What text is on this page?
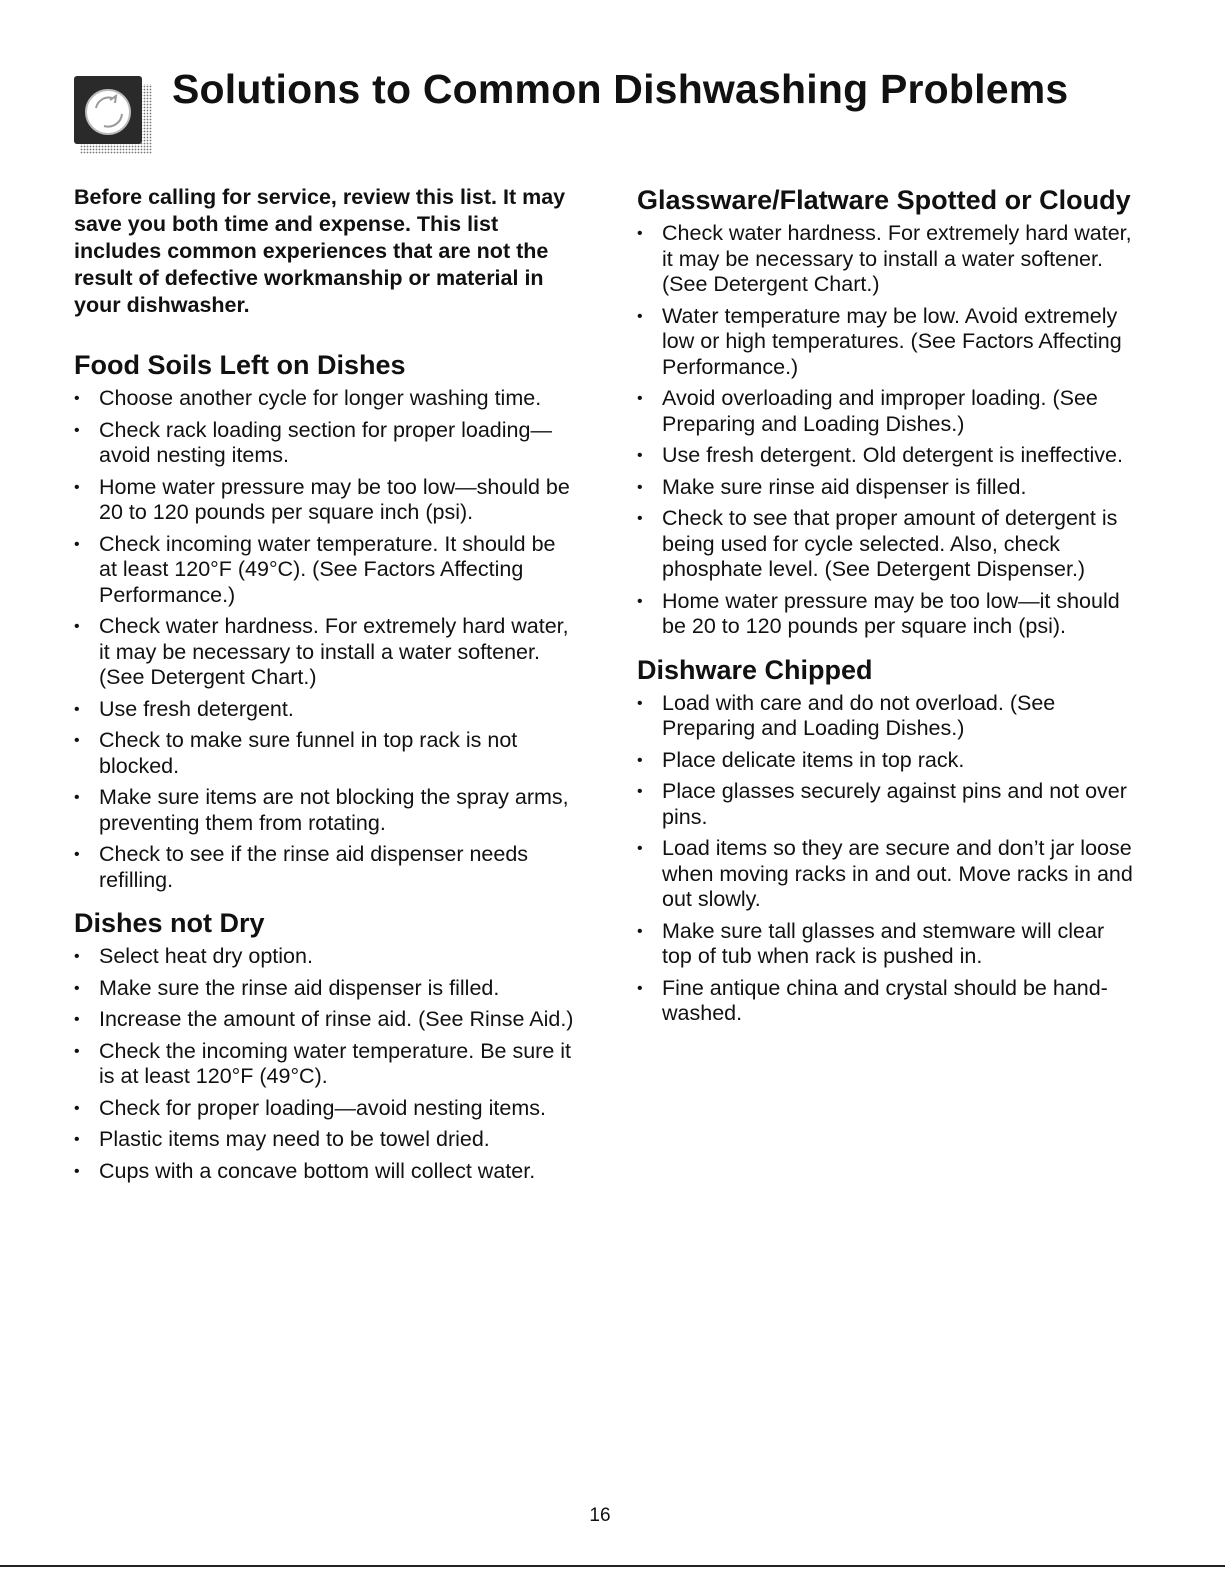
Solutions to Common Dishwashing Problems

Before calling for service, review this list. It may save you both time and expense. This list includes common experiences that are not the result of defective workmanship or material in your dishwasher.

Food Soils Left on Dishes
• Choose another cycle for longer washing time.
• Check rack loading section for proper loading—avoid nesting items.
• Home water pressure may be too low—should be 20 to 120 pounds per square inch (psi).
• Check incoming water temperature. It should be at least 120°F (49°C). (See Factors Affecting Performance.)
• Check water hardness. For extremely hard water, it may be necessary to install a water softener. (See Detergent Chart.)
• Use fresh detergent.
• Check to make sure funnel in top rack is not blocked.
• Make sure items are not blocking the spray arms, preventing them from rotating.
• Check to see if the rinse aid dispenser needs refilling.
Dishes not Dry
• Select heat dry option.
• Make sure the rinse aid dispenser is filled.
• Increase the amount of rinse aid. (See Rinse Aid.)
• Check the incoming water temperature. Be sure it is at least 120°F (49°C).
• Check for proper loading—avoid nesting items.
• Plastic items may need to be towel dried.
• Cups with a concave bottom will collect water.
Glassware/Flatware Spotted or Cloudy
• Check water hardness. For extremely hard water, it may be necessary to install a water softener. (See Detergent Chart.)
• Water temperature may be low. Avoid extremely low or high temperatures. (See Factors Affecting Performance.)
• Avoid overloading and improper loading. (See Preparing and Loading Dishes.)
• Use fresh detergent. Old detergent is ineffective.
• Make sure rinse aid dispenser is filled.
• Check to see that proper amount of detergent is being used for cycle selected. Also, check phosphate level. (See Detergent Dispenser.)
• Home water pressure may be too low—it should be 20 to 120 pounds per square inch (psi).
Dishware Chipped
• Load with care and do not overload. (See Preparing and Loading Dishes.)
• Place delicate items in top rack.
• Place glasses securely against pins and not over pins.
• Load items so they are secure and don’t jar loose when moving racks in and out. Move racks in and out slowly.
• Make sure tall glasses and stemware will clear top of tub when rack is pushed in.
• Fine antique china and crystal should be hand-washed.
16
